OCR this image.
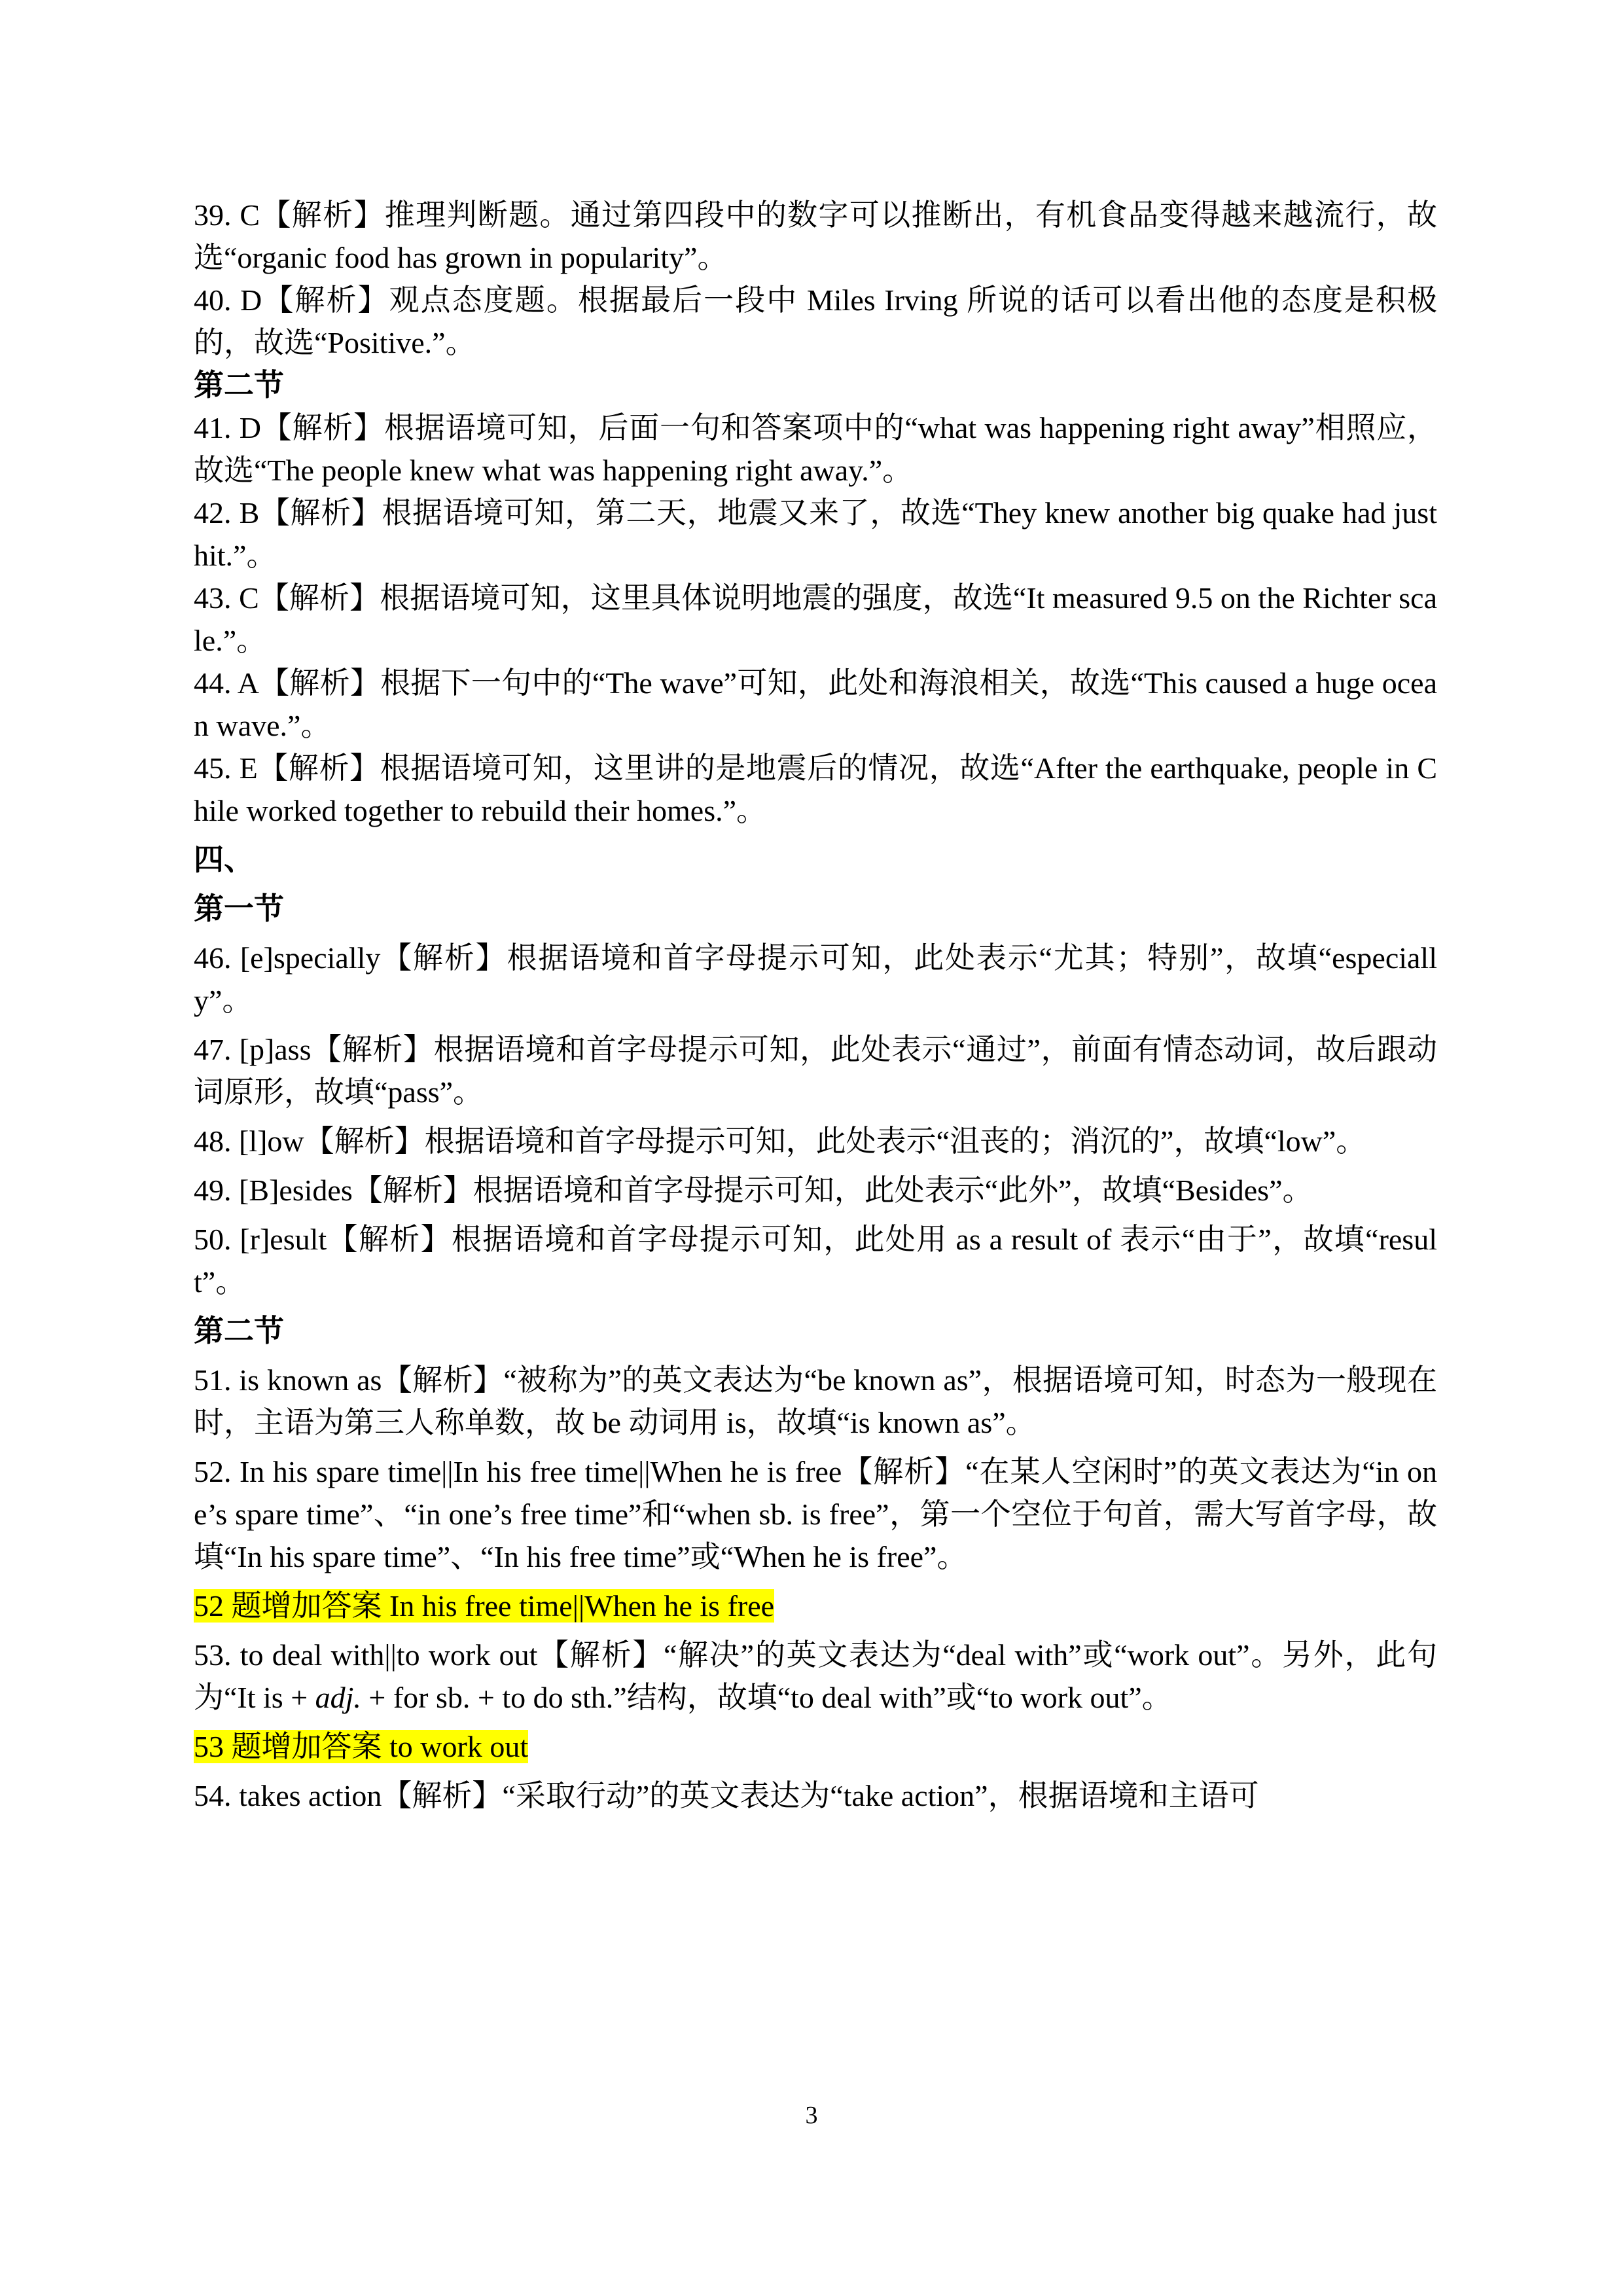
39. C【解析】推理判断题。通过第四段中的数字可以推断出，有机食品变得越来越流行，故选“organic food has grown in popularity”。

40. D【解析】观点态度题。根据最后一段中 Miles Irving 所说的话可以看出他的态度是积极的，故选“Positive.”。

第二节

41. D【解析】根据语境可知，后面一句和答案项中的“what was happening right away”相照应，故选“The people knew what was happening right away.”。

42. B【解析】根据语境可知，第二天，地震又来了，故选“They knew another big quake had just hit.”。

43. C【解析】根据语境可知，这里具体说明地震的强度，故选“It measured 9.5 on the Richter scale.”。

44. A【解析】根据下一句中的“The wave”可知，此处和海浪相关，故选“This caused a huge ocean wave.”。

45. E【解析】根据语境可知，这里讲的是地震后的情况，故选“After the earthquake, people in Chile worked together to rebuild their homes.”。

四、

第一节

46. [e]specially【解析】根据语境和首字母提示可知，此处表示“尤其；特别”，故填“especially”。

47. [p]ass【解析】根据语境和首字母提示可知，此处表示“通过”，前面有情态动词，故后跟动词原形，故填“pass”。

48. [l]ow【解析】根据语境和首字母提示可知，此处表示“沮丧的；消沉的”，故填“low”。

49. [B]esides【解析】根据语境和首字母提示可知，此处表示“此外”，故填“Besides”。

50. [r]esult【解析】根据语境和首字母提示可知，此处用 as a result of 表示“由于”，故填“result”。

第二节

51. is known as【解析】“被称为”的英文表达为“be known as”，根据语境可知，时态为一般现在时，主语为第三人称单数，故 be 动词用 is，故填“is known as”。

52. In his spare time||In his free time||When he is free【解析】“在某人空闲时”的英文表达为“in one’s spare time”、“in one’s free time”和“when sb. is free”，第一个空位于句首，需大写首字母，故填“In his spare time”、“In his free time”或“When he is free”。

52 题增加答案 In his free time||When he is free

53. to deal with||to work out【解析】“解决”的英文表达为“deal with”或“work out”。另外，此句为“It is + adj. + for sb. + to do sth.”结构，故填“to deal with”或“to work out”。

53 题增加答案 to work out

54. takes action【解析】“采取行动”的英文表达为“take action”，根据语境和主语可

3
